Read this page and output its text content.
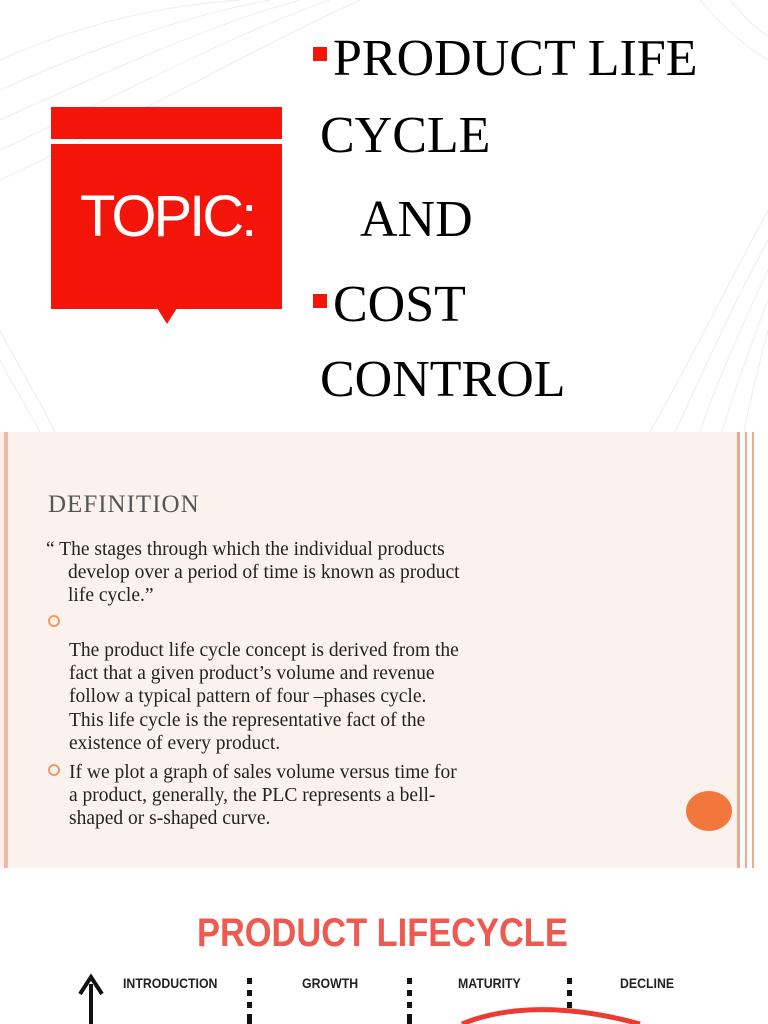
TOPIC:
PRODUCT LIFE
CYCLE
AND
COST
CONTROL
DEFINITION
“ The stages through which the individual products
develop over a period of time is known as product
life cycle.”
The product life cycle concept is derived from the
fact that a given product’s volume and revenue
follow a typical pattern of four –phases cycle.
This life cycle is the representative fact of the
existence of every product.
If we plot a graph of sales volume versus time for
a product, generally, the PLC represents a bell-
shaped or s-shaped curve.
PRODUCT LIFECYCLE
INTRODUCTION	GROWTH	MATURITY	DECLINE
